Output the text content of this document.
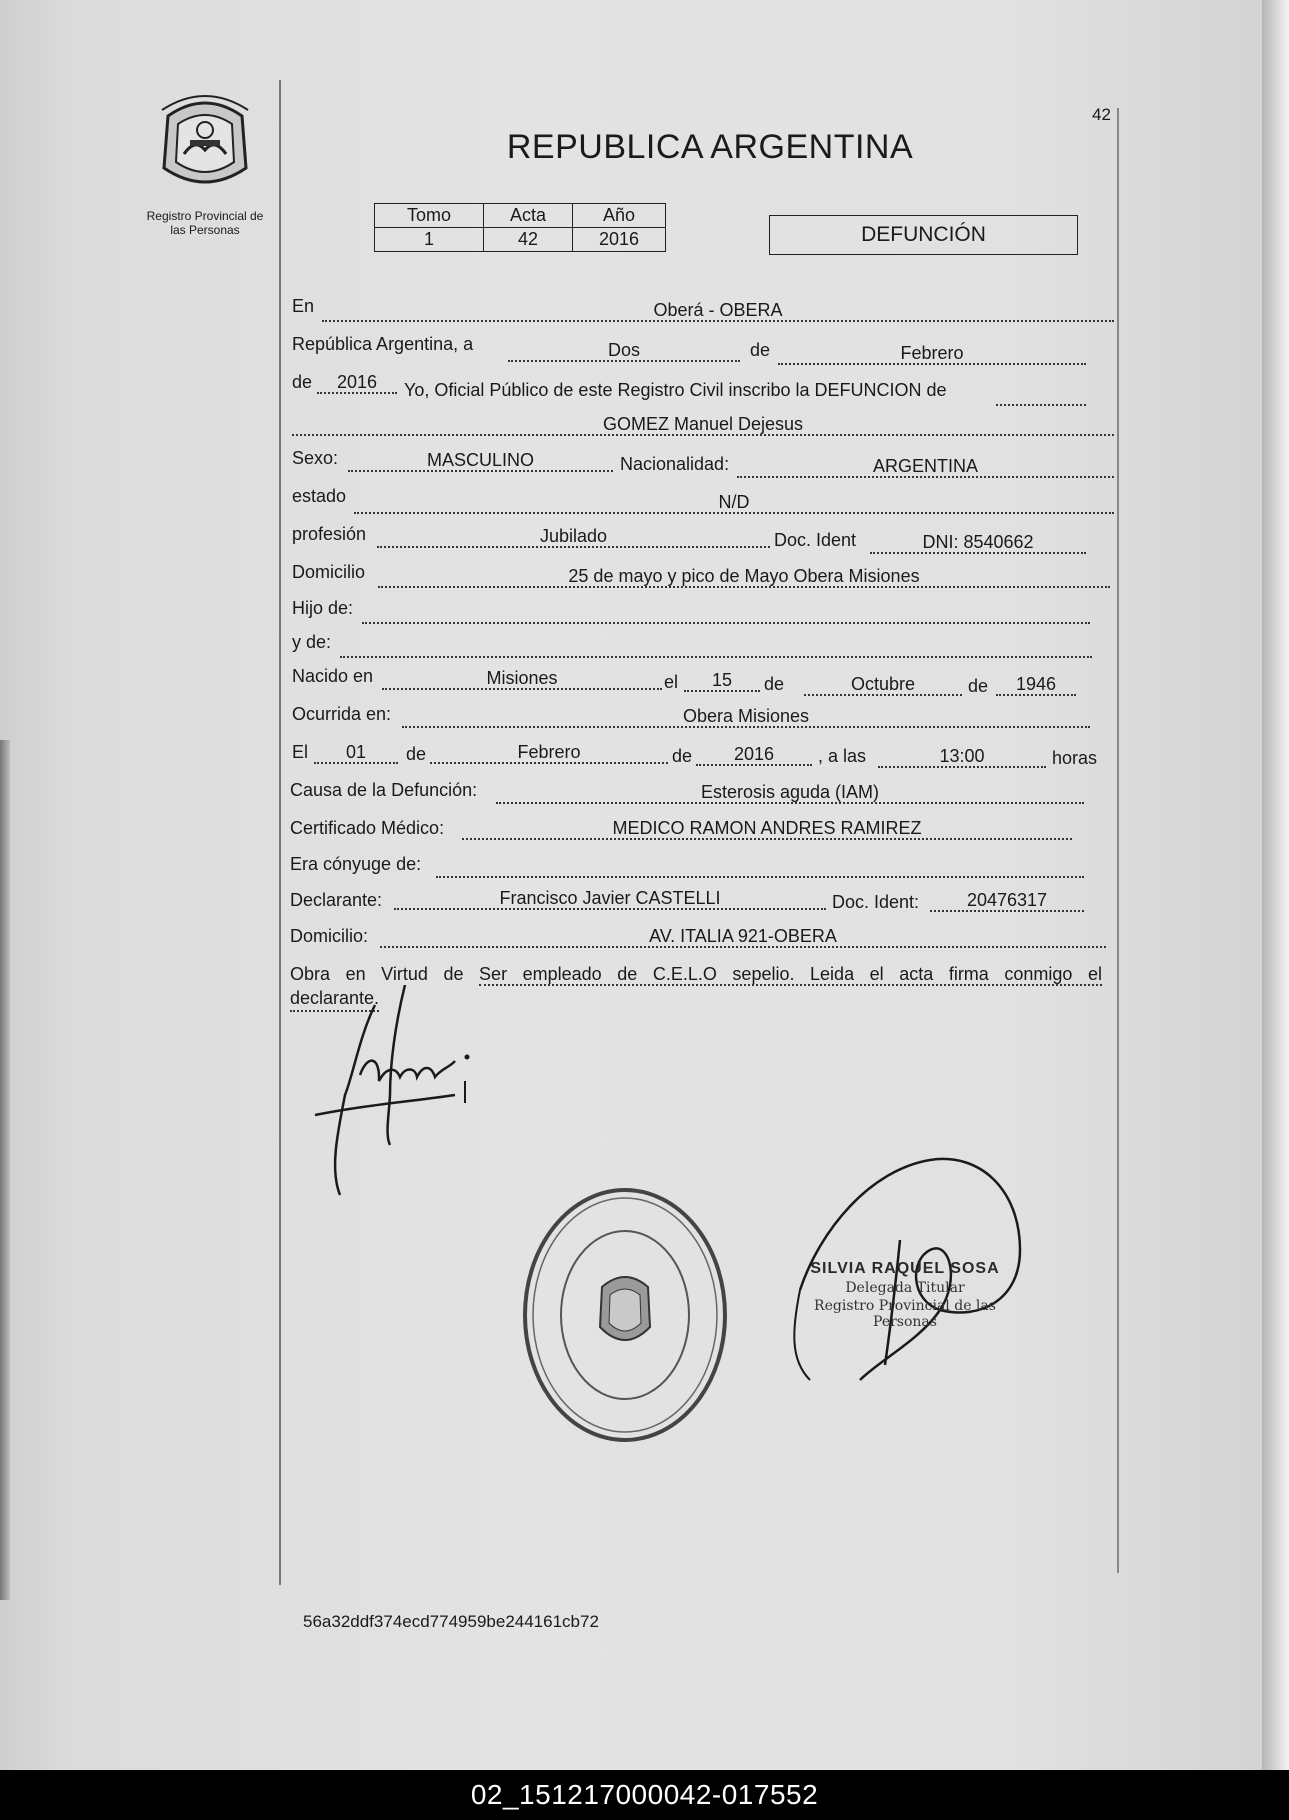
Registro Provincial de
las Personas
42
REPUBLICA ARGENTINA
Tomo	Acta	Año
1	42	2016	DEFUNCIÓN
En	Oberá - OBERA
República Argentina, a	Dos	de	Febrero
de	2016	Yo, Oficial Público de este Registro Civil inscribo la DEFUNCION de
GOMEZ Manuel Dejesus
Sexo:	MASCULINO	Nacionalidad:	ARGENTINA
estado	N/D
profesión	Jubilado	Doc. Ident	DNI: 8540662
Domicilio	25 de mayo y pico de Mayo Obera Misiones
Hijo de:
y de:
Nacido en	Misiones	el	15	de	Octubre	de	1946
Ocurrida en:	Obera Misiones
El	01	de	Febrero	de	2016	, a las	13:00	horas
Causa de la Defunción:	Esterosis aguda (IAM)
Certificado Médico:	MEDICO RAMON ANDRES RAMIREZ
Era cónyuge de:
Declarante:	Francisco Javier CASTELLI	Doc. Ident:	20476317
Domicilio:	AV. ITALIA 921-OBERA
Obra en Virtud de Ser empleado de C.E.L.O sepelio. Leida el acta firma conmigo el
declarante.
SILVIA RAQUEL SOSA
Delegada Titular
Registro Provincial de las Personas
56a32ddf374ecd774959be244161cb72
02_151217000042-017552
